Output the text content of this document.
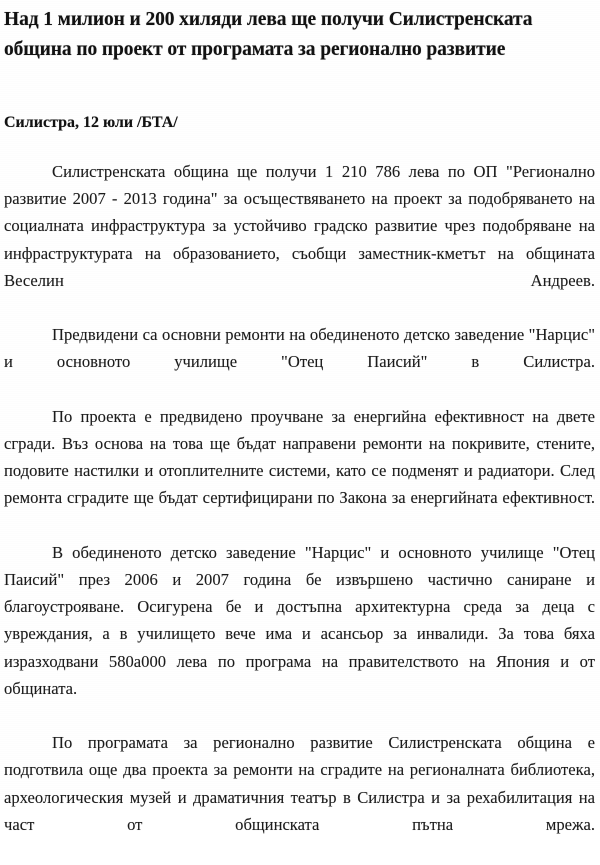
Над 1 милион и 200 хиляди лева ще получи Силистренската община по проект от програмата за регионално развитие
Силистра, 12 юли /БТА/

Силистренската община ще получи 1 210 786 лева по ОП "Регионално развитие 2007 - 2013 година" за осъществяването на проект за подобряването на социалната инфраструктура за устойчиво градско развитие чрез подобряване на инфраструктурата на образованието, съобщи заместник-кметът на общината Веселин Андреев.

Предвидени са основни ремонти на обединеното детско заведение "Нарцис" и основното училище "Отец Паисий" в Силистра.

По проекта е предвидено проучване за енергийна ефективност на двете сгради. Въз основа на това ще бъдат направени ремонти на покривите, стените, подовите настилки и отоплителните системи, като се подменят и радиатори. След ремонта сградите ще бъдат сертифицирани по Закона за енергийната ефективност.

В обединеното детско заведение "Нарцис" и основното училище "Отец Паисий" през 2006 и 2007 година бе извършено частично саниране и благоустрояване. Осигурена бе и достъпна архитектурна среда за деца с увреждания, а в училището вече има и асансьор за инвалиди. За това бяха изразходвани 580а000 лева по програма на правителството на Япония и от общината.

По програмата за регионално развитие Силистренската община е подготвила още два проекта за ремонти на сградите на регионалната библиотека, археологическия музей и драматичния театър в Силистра и за рехабилитация на част от общинската пътна мрежа.
